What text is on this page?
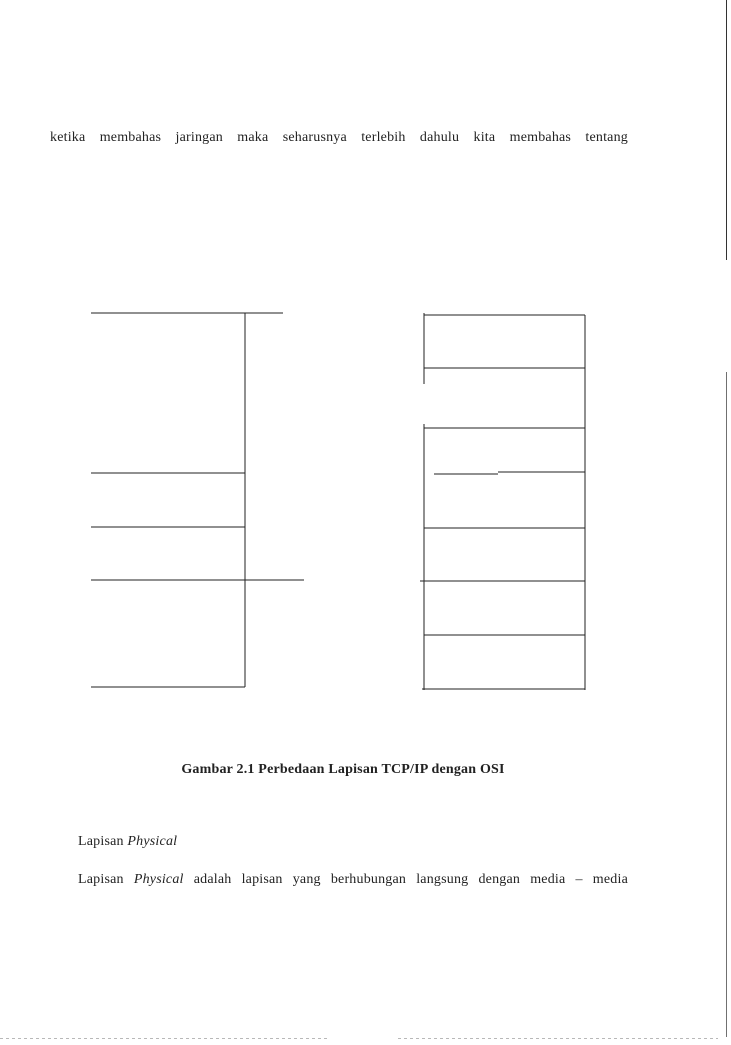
ketika membahas jaringan maka seharusnya terlebih dahulu kita membahas tentang
Gambar 2.1 Perbedaan Lapisan TCP/IP dengan OSI
Lapisan Physical
Lapisan Physical adalah lapisan yang berhubungan langsung dengan media – media
